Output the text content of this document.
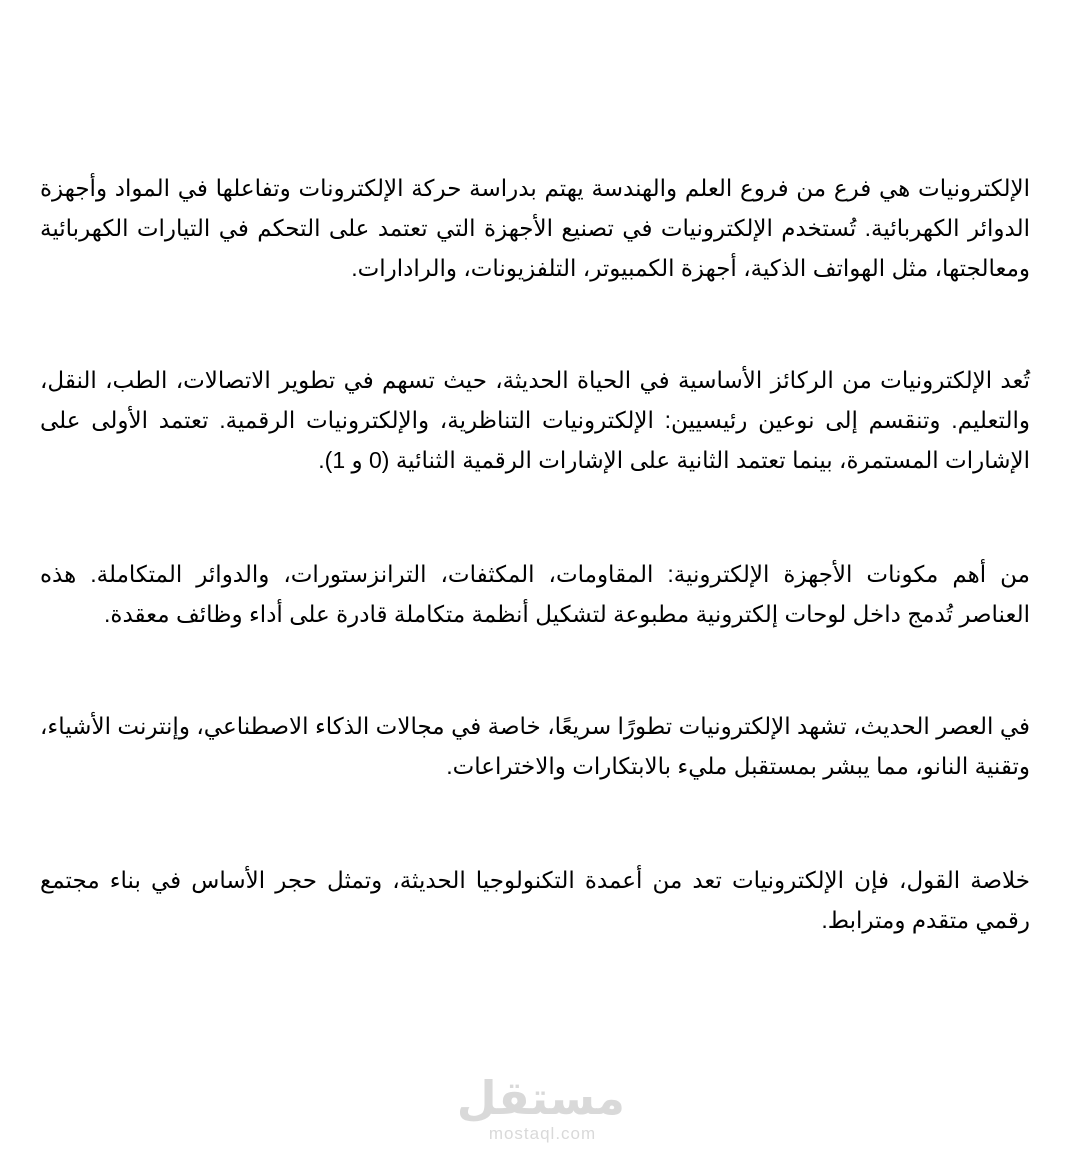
الإلكترونيات هي فرع من فروع العلم والهندسة يهتم بدراسة حركة الإلكترونات وتفاعلها في المواد وأجهزة الدوائر الكهربائية. تُستخدم الإلكترونيات في تصنيع الأجهزة التي تعتمد على التحكم في التيارات الكهربائية ومعالجتها، مثل الهواتف الذكية، أجهزة الكمبيوتر، التلفزيونات، والرادارات.

تُعد الإلكترونيات من الركائز الأساسية في الحياة الحديثة، حيث تسهم في تطوير الاتصالات، الطب، النقل، والتعليم. وتنقسم إلى نوعين رئيسيين: الإلكترونيات التناظرية، والإلكترونيات الرقمية. تعتمد الأولى على الإشارات المستمرة، بينما تعتمد الثانية على الإشارات الرقمية الثنائية (0 و 1).

من أهم مكونات الأجهزة الإلكترونية: المقاومات، المكثفات، الترانزستورات، والدوائر المتكاملة. هذه العناصر تُدمج داخل لوحات إلكترونية مطبوعة لتشكيل أنظمة متكاملة قادرة على أداء وظائف معقدة.

في العصر الحديث، تشهد الإلكترونيات تطورًا سريعًا، خاصة في مجالات الذكاء الاصطناعي، وإنترنت الأشياء، وتقنية النانو، مما يبشر بمستقبل مليء بالابتكارات والاختراعات.

خلاصة القول، فإن الإلكترونيات تعد من أعمدة التكنولوجيا الحديثة، وتمثل حجر الأساس في بناء مجتمع رقمي متقدم ومترابط.

مستقل
mostaql.com
